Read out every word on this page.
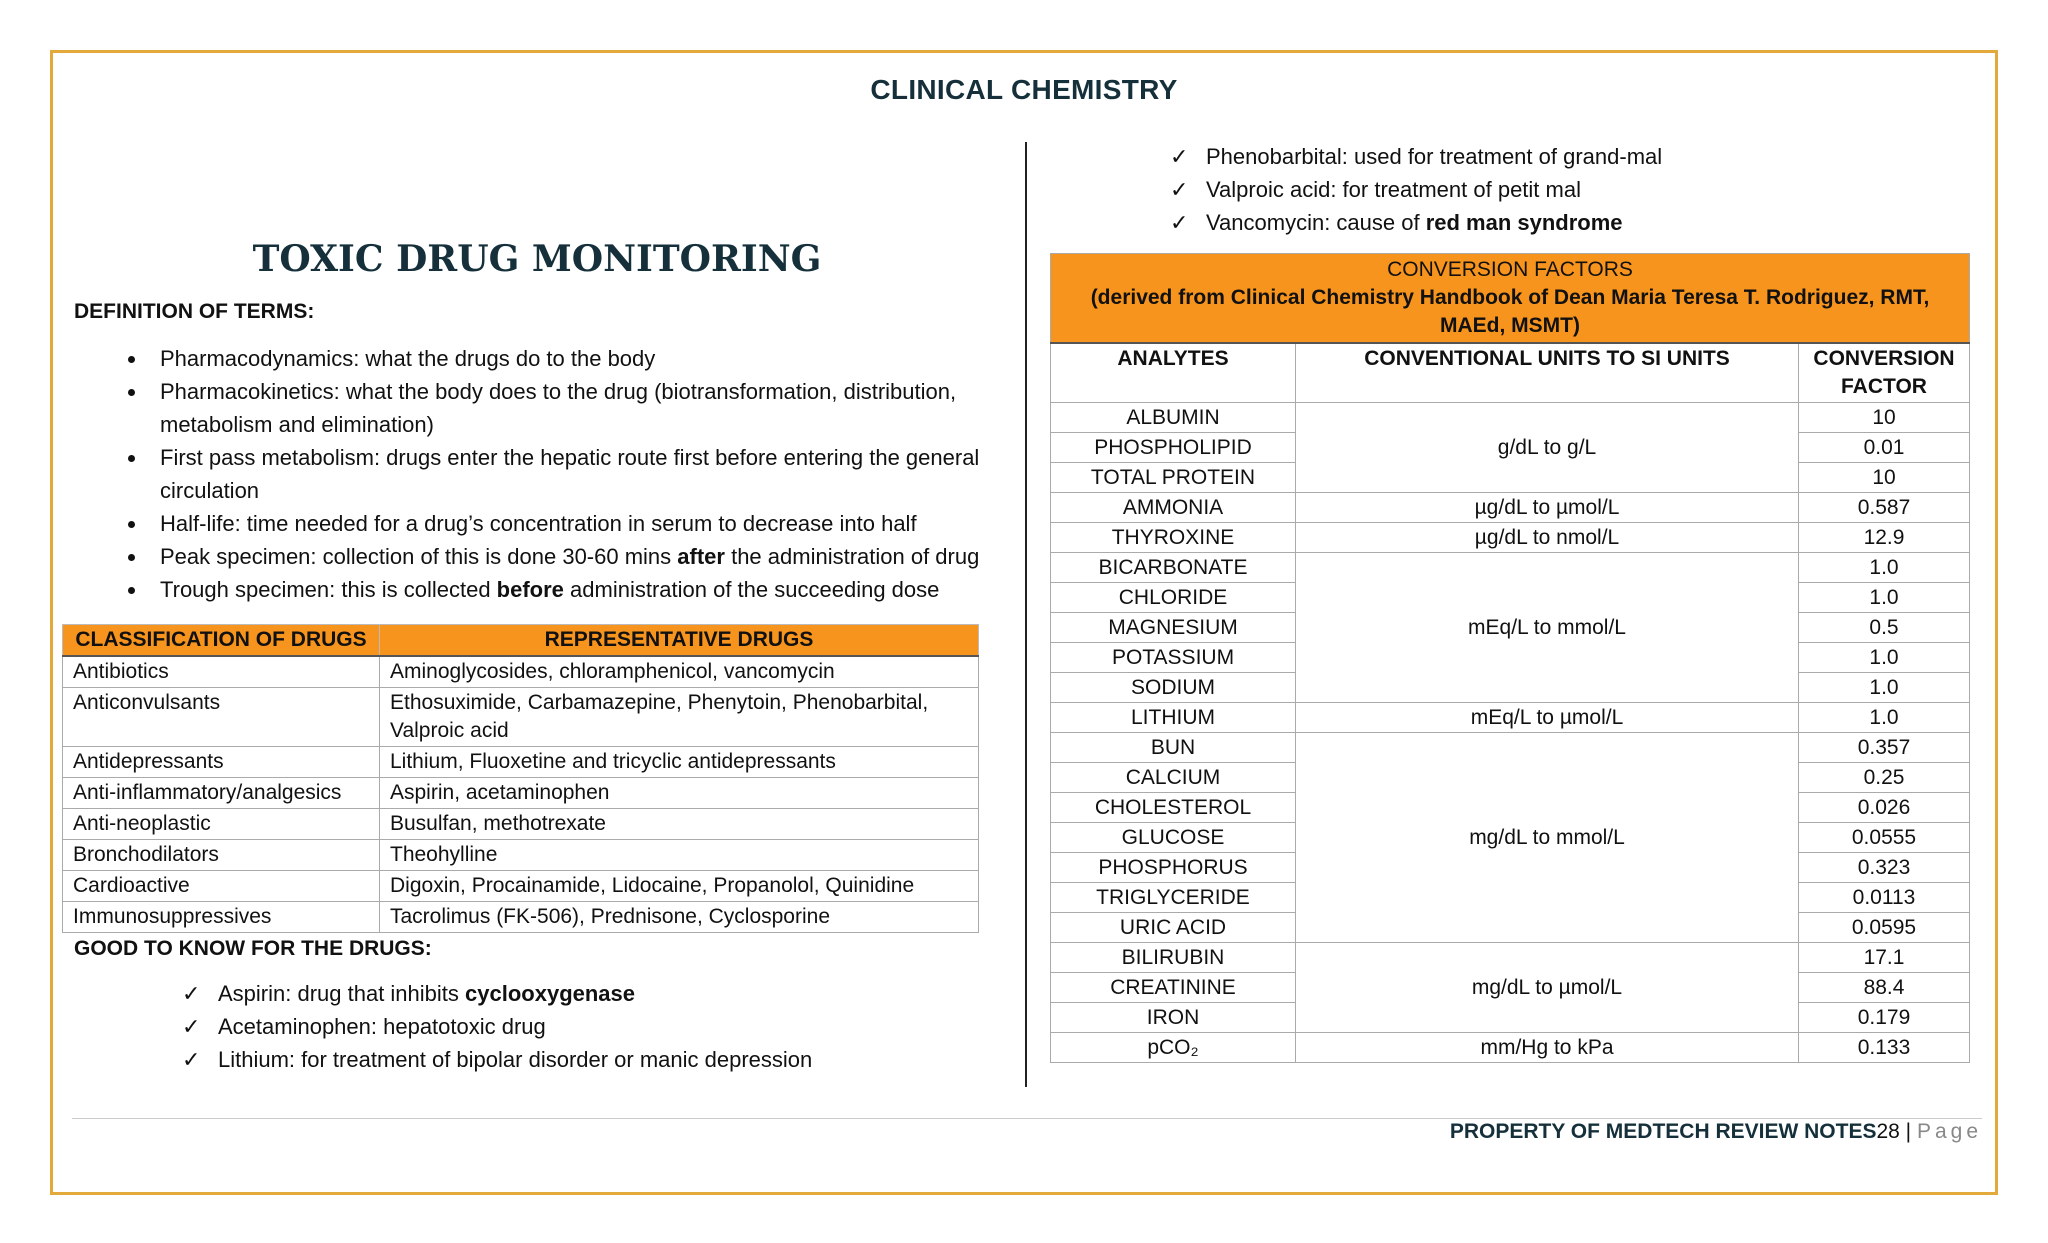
CLINICAL CHEMISTRY
TOXIC DRUG MONITORING
DEFINITION OF TERMS:
• Pharmacodynamics: what the drugs do to the body
• Pharmacokinetics: what the body does to the drug (biotransformation, distribution, metabolism and elimination)
• First pass metabolism: drugs enter the hepatic route first before entering the general circulation
• Half-life: time needed for a drug’s concentration in serum to decrease into half
• Peak specimen: collection of this is done 30-60 mins after the administration of drug
• Trough specimen: this is collected before administration of the succeeding dose
CLASSIFICATION OF DRUGS	REPRESENTATIVE DRUGS
Antibiotics	Aminoglycosides, chloramphenicol, vancomycin
Anticonvulsants	Ethosuximide, Carbamazepine, Phenytoin, Phenobarbital, Valproic acid
Antidepressants	Lithium, Fluoxetine and tricyclic antidepressants
Anti-inflammatory/analgesics	Aspirin, acetaminophen
Anti-neoplastic	Busulfan, methotrexate
Bronchodilators	Theohylline
Cardioactive	Digoxin, Procainamide, Lidocaine, Propanolol, Quinidine
Immunosuppressives	Tacrolimus (FK-506), Prednisone, Cyclosporine
GOOD TO KNOW FOR THE DRUGS:
✓ Aspirin: drug that inhibits cyclooxygenase
✓ Acetaminophen: hepatotoxic drug
✓ Lithium: for treatment of bipolar disorder or manic depression
✓ Phenobarbital: used for treatment of grand-mal
✓ Valproic acid: for treatment of petit mal
✓ Vancomycin: cause of red man syndrome
CONVERSION FACTORS
(derived from Clinical Chemistry Handbook of Dean Maria Teresa T. Rodriguez, RMT, MAEd, MSMT)		

ANALYTES	CONVENTIONAL UNITS TO SI UNITS	CONVERSION FACTOR
ALBUMIN	g/dL to g/L	10
PHOSPHOLIPID		0.01
TOTAL PROTEIN		10
AMMONIA	µg/dL to µmol/L	0.587
THYROXINE	µg/dL to nmol/L	12.9
BICARBONATE	mEq/L to mmol/L	1.0
CHLORIDE		1.0
MAGNESIUM		0.5
POTASSIUM		1.0
SODIUM		1.0
LITHIUM	mEq/L to µmol/L	1.0
BUN	mg/dL to mmol/L	0.357
CALCIUM		0.25
CHOLESTEROL		0.026
GLUCOSE		0.0555
PHOSPHORUS		0.323
TRIGLYCERIDE		0.0113
URIC ACID		0.0595
BILIRUBIN	mg/dL to µmol/L	17.1
CREATININE		88.4
IRON		0.179
pCO₂	mm/Hg to kPa	0.133
PROPERTY OF MEDTECH REVIEW NOTES28 | Page
